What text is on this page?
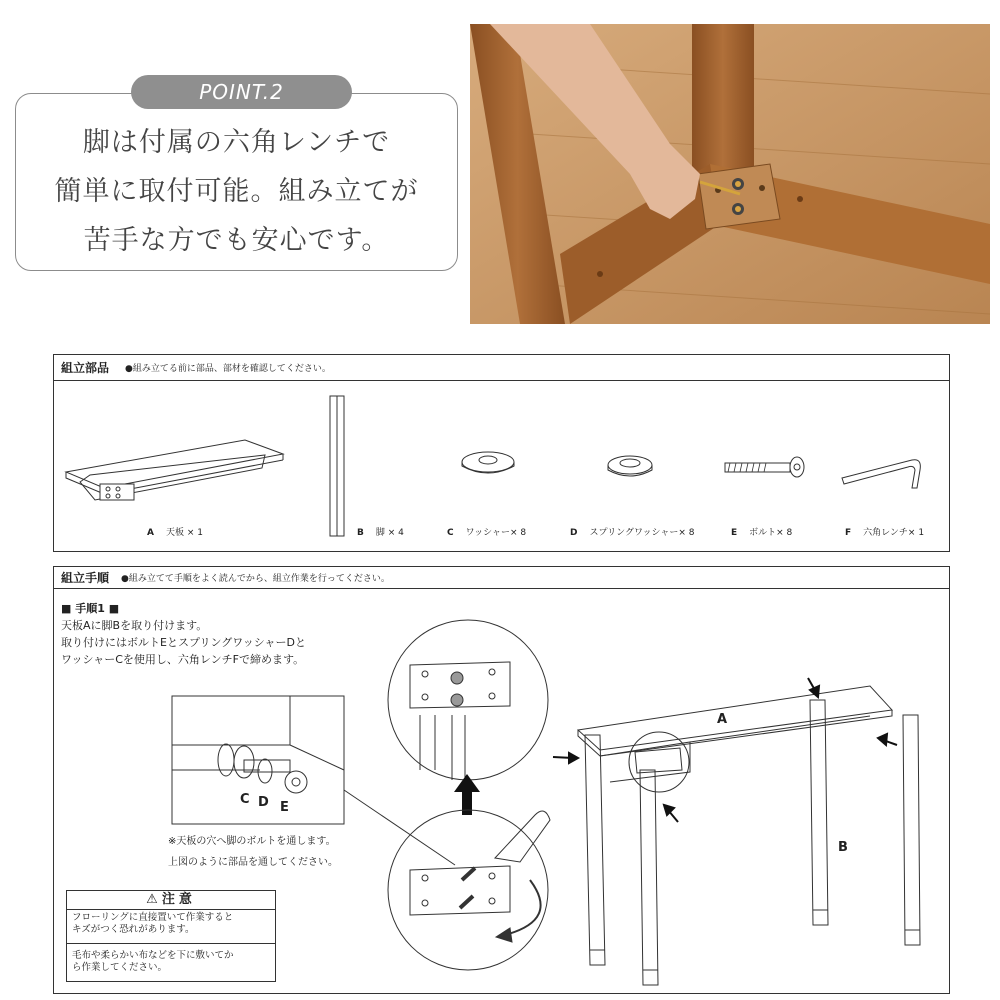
POINT.2
脚は付属の六角レンチで
簡単に取付可能。組み立てが
苦手な方でも安心です。
組立部品 ●組み立てる前に部品、部材を確認してください。
A 天板 × 1	B 脚 × 4	C ワッシャー× 8	D スプリングワッシャー× 8	E ボルト× 8	F 六角レンチ× 1
組立手順 ●組み立てて手順をよく読んでから、組立作業を行ってください。
■ 手順1 ■
天板Aに脚Bを取り付けます。
取り付けにはボルトEとスプリングワッシャーDと
ワッシャーCを使用し、六角レンチFで締めます。
C D E
A
B
※天板の穴へ脚のボルトを通します。
上図のように部品を通してください。
⚠注意
フローリングに直接置いて作業すると
キズがつく恐れがあります。
毛布や柔らかい布などを下に敷いてか
ら作業してください。
